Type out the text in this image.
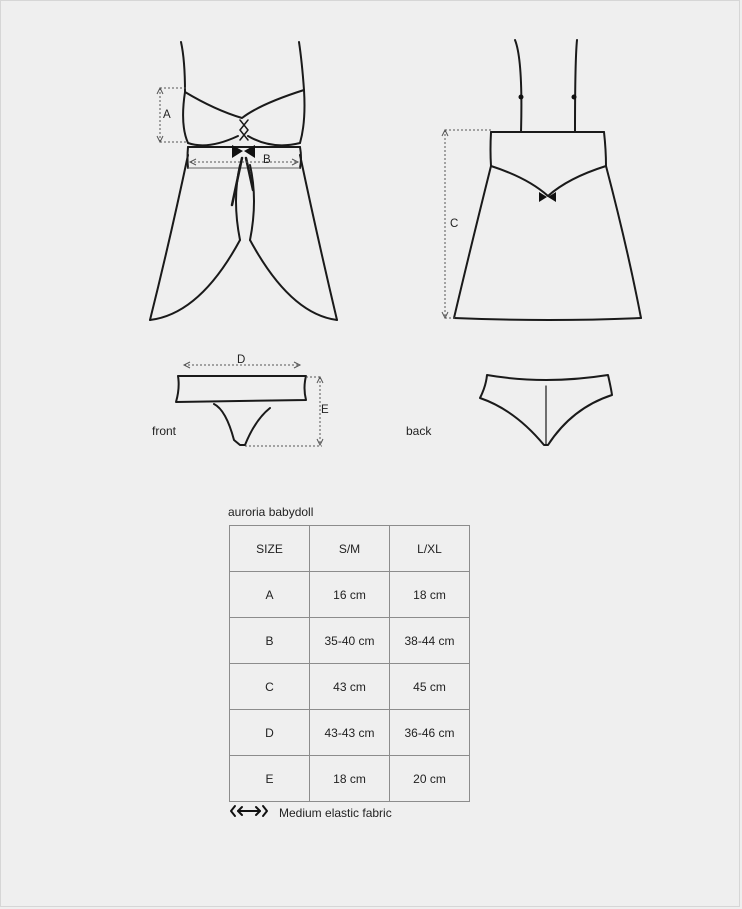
A
B
C
D
E
front	back
auroria babydoll
SIZE	S/M	L/XL
A	16 cm	18 cm
B	35-40 cm	38-44 cm
C	43 cm	45 cm
D	43-43 cm	36-46 cm
E	18 cm	20 cm
Medium elastic fabric
